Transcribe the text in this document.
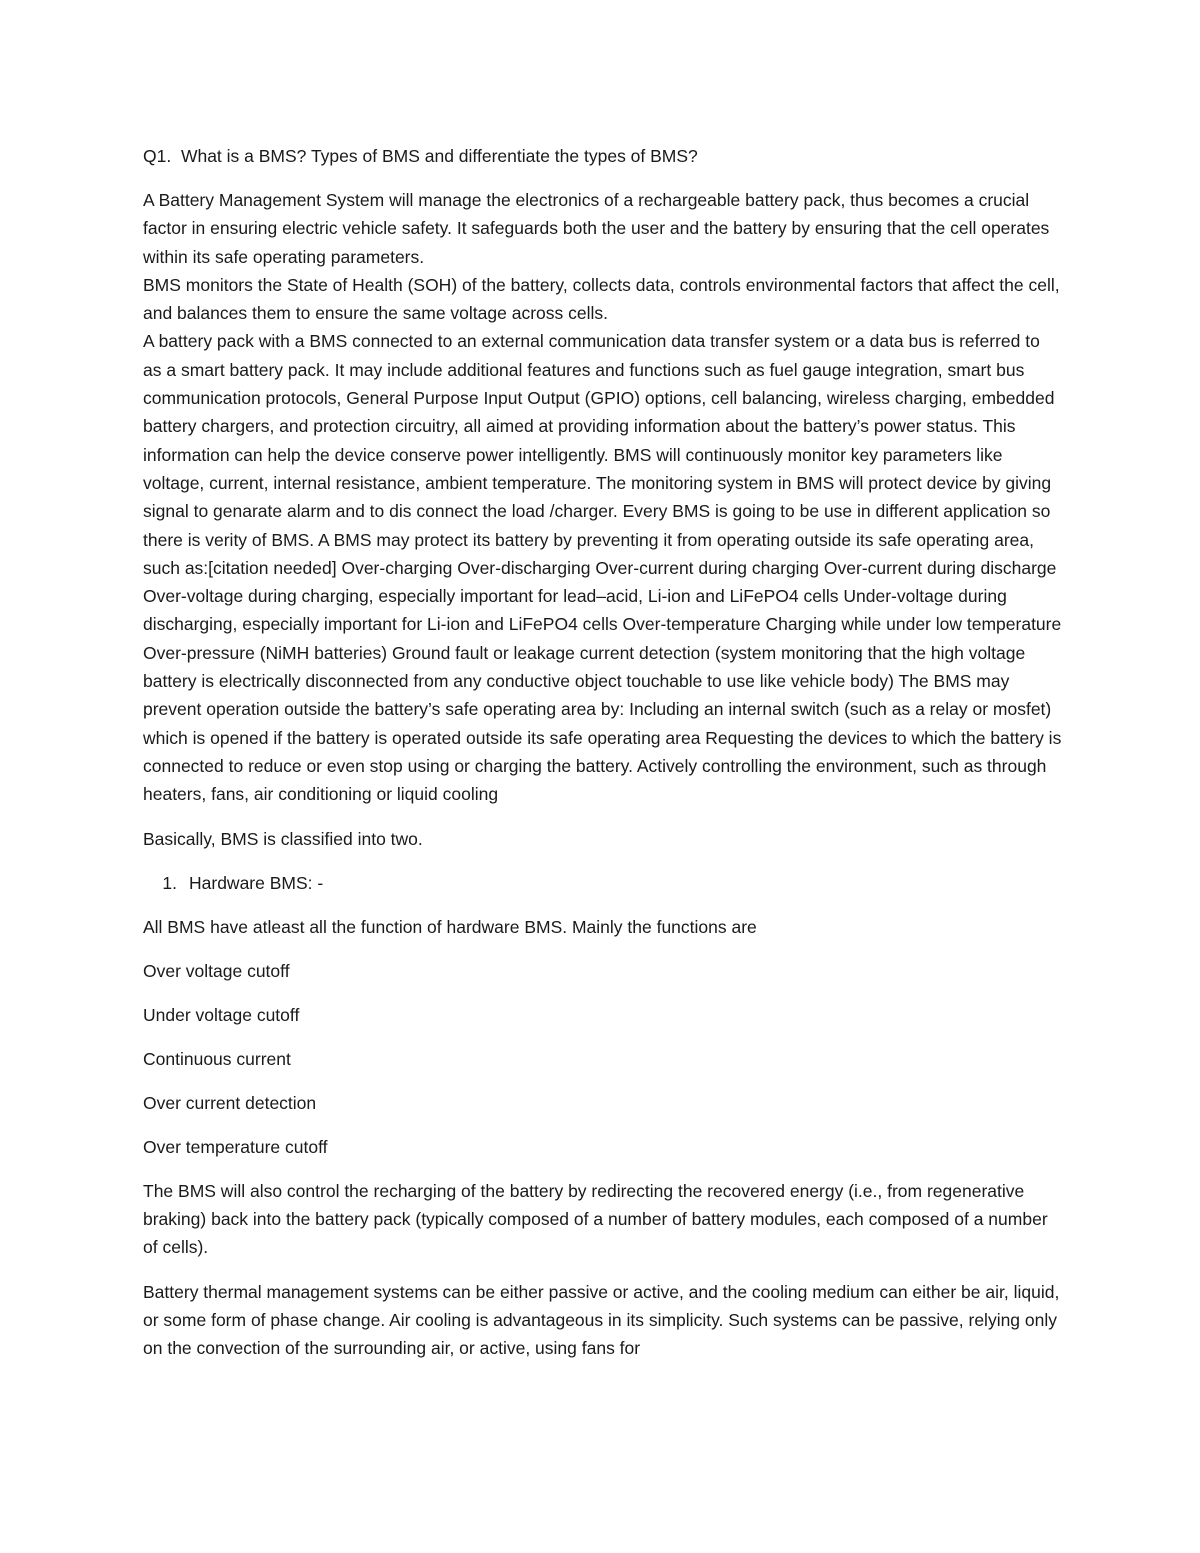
Q1. What is a BMS? Types of BMS and differentiate the types of BMS?

A Battery Management System will manage the electronics of a rechargeable battery pack, thus becomes a crucial factor in ensuring electric vehicle safety. It safeguards both the user and the battery by ensuring that the cell operates within its safe operating parameters.

BMS monitors the State of Health (SOH) of the battery, collects data, controls environmental factors that affect the cell, and balances them to ensure the same voltage across cells.

A battery pack with a BMS connected to an external communication data transfer system or a data bus is referred to as a smart battery pack. It may include additional features and functions such as fuel gauge integration, smart bus communication protocols, General Purpose Input Output (GPIO) options, cell balancing, wireless charging, embedded battery chargers, and protection circuitry, all aimed at providing information about the battery’s power status. This information can help the device conserve power intelligently. BMS will continuously monitor key parameters like voltage, current, internal resistance, ambient temperature. The monitoring system in BMS will protect device by giving signal to genarate alarm and to dis connect the load /charger. Every BMS is going to be use in different application so there is verity of BMS. A BMS may protect its battery by preventing it from operating outside its safe operating area, such as:[citation needed] Over-charging Over-discharging Over-current during charging Over-current during discharge Over-voltage during charging, especially important for lead–acid, Li-ion and LiFePO4 cells Under-voltage during discharging, especially important for Li-ion and LiFePO4 cells Over-temperature Charging while under low temperature Over-pressure (NiMH batteries) Ground fault or leakage current detection (system monitoring that the high voltage battery is electrically disconnected from any conductive object touchable to use like vehicle body) The BMS may prevent operation outside the battery’s safe operating area by: Including an internal switch (such as a relay or mosfet) which is opened if the battery is operated outside its safe operating area Requesting the devices to which the battery is connected to reduce or even stop using or charging the battery. Actively controlling the environment, such as through heaters, fans, air conditioning or liquid cooling

Basically, BMS is classified into two.

1. Hardware BMS: -

All BMS have atleast all the function of hardware BMS. Mainly the functions are

Over voltage cutoff

Under voltage cutoff

Continuous current

Over current detection

Over temperature cutoff

The BMS will also control the recharging of the battery by redirecting the recovered energy (i.e., from regenerative braking) back into the battery pack (typically composed of a number of battery modules, each composed of a number of cells).

Battery thermal management systems can be either passive or active, and the cooling medium can either be air, liquid, or some form of phase change. Air cooling is advantageous in its simplicity. Such systems can be passive, relying only on the convection of the surrounding air, or active, using fans for
